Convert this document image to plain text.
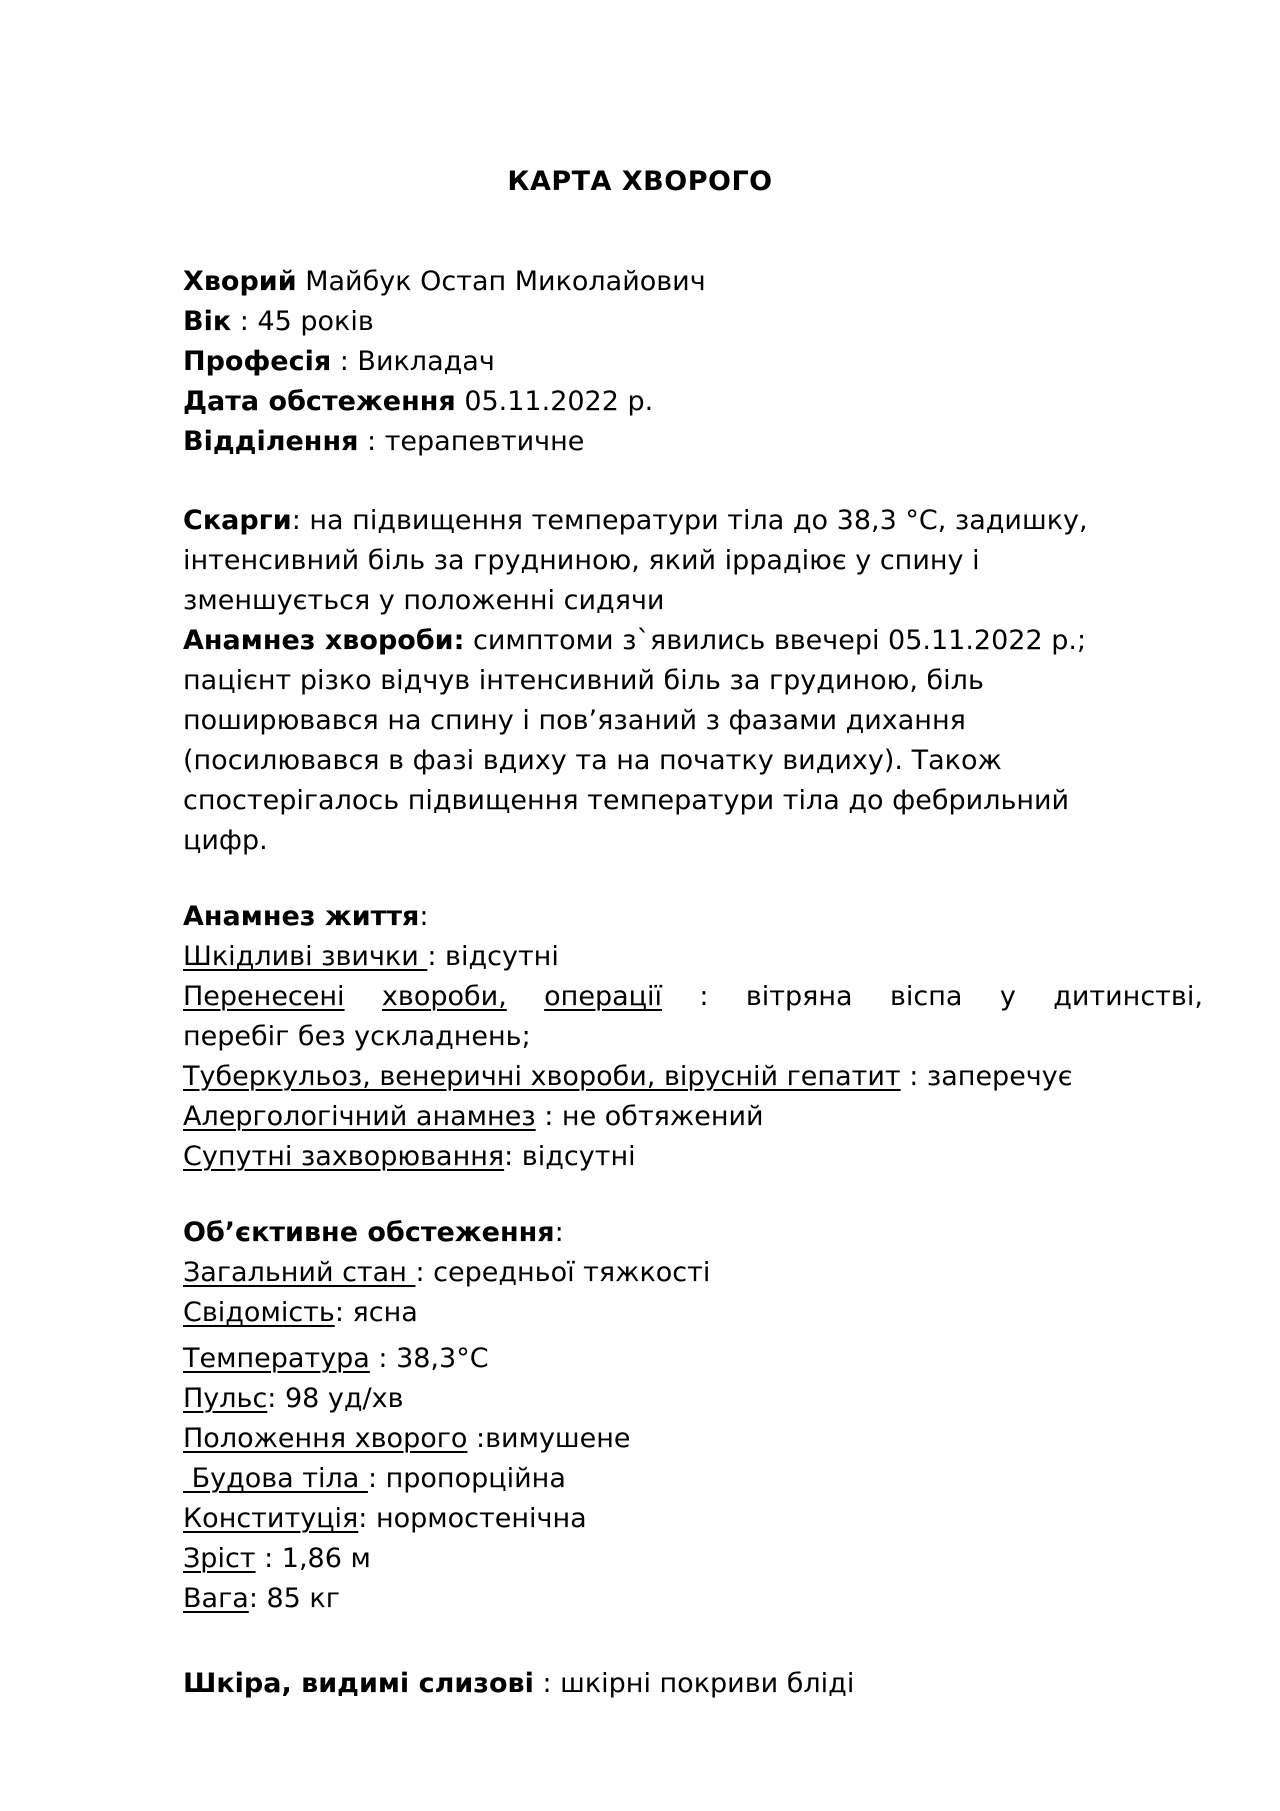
КАРТА ХВОРОГО
Хворий Майбук Остап Миколайович
Вік : 45 років
Професія : Викладач
Дата обстеження 05.11.2022 р.
Відділення : терапевтичне
Скарги: на підвищення температури тіла до 38,3 °C, задишку,
інтенсивний біль за грудниною, який іррадіює у спину і
зменшується у положенні сидячи
Анамнез хвороби: симптоми з`явились ввечері 05.11.2022 р.;
пацієнт різко відчув інтенсивний біль за грудиною, біль
поширювався на спину і пов’язаний з фазами дихання
(посилювався в фазі вдиху та на початку видиху). Також
спостерігалось підвищення температури тіла до фебрильний
цифр.
Анамнез життя:
Шкідливі звички : відсутні
Перенесені хвороби, операції : вітряна віспа у дитинстві,
перебіг без ускладнень;
Туберкульоз, венеричні хвороби, вірусній гепатит : заперечує
Алергологічний анамнез : не обтяжений
Супутні захворювання: відсутні
Об’єктивне обстеження:
Загальний стан : середньої тяжкості
Свідомість: ясна
Температура : 38,3°C
Пульс: 98 уд/хв
Положення хворого :вимушене
Будова тіла : пропорційна
Конституція: нормостенічна
Зріст : 1,86 м
Вага: 85 кг
Шкіра, видимі слизові : шкірні покриви бліді
